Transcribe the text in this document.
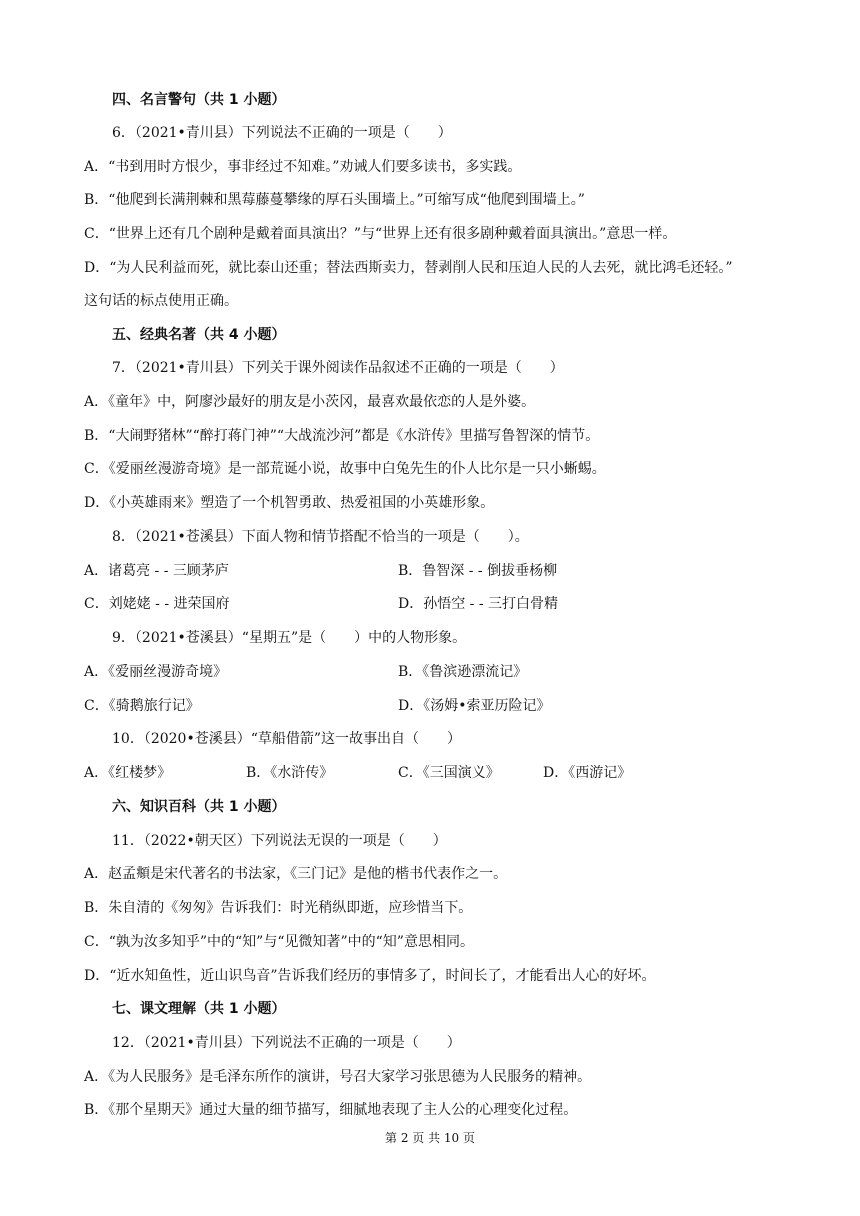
四、名言警句（共 1 小题）
6．（2021•青川县）下列说法不正确的一项是（　　）
A．“书到用时方恨少，事非经过不知难。”劝诫人们要多读书，多实践。
B．“他爬到长满荆棘和黑莓藤蔓攀缘的厚石头围墙上。”可缩写成“他爬到围墙上。”
C．“世界上还有几个剧种是戴着面具演出？”与“世界上还有很多剧种戴着面具演出。”意思一样。
D．“为人民利益而死，就比泰山还重；替法西斯卖力，替剥削人民和压迫人民的人去死，就比鸿毛还轻。”
这句话的标点使用正确。
五、经典名著（共 4 小题）
7．（2021•青川县）下列关于课外阅读作品叙述不正确的一项是（　　）
A．《童年》中，阿廖沙最好的朋友是小茨冈，最喜欢最依恋的人是外婆。
B．“大闹野猪林”“醉打蒋门神”“大战流沙河”都是《水浒传》里描写鲁智深的情节。
C．《爱丽丝漫游奇境》是一部荒诞小说，故事中白兔先生的仆人比尔是一只小蜥蜴。
D．《小英雄雨来》塑造了一个机智勇敢、热爱祖国的小英雄形象。
8．（2021•苍溪县）下面人物和情节搭配不恰当的一项是（　　）。
A．诸葛亮 - - 三顾茅庐	B．鲁智深 - - 倒拔垂杨柳
C．刘姥姥 - - 进荣国府	D．孙悟空 - - 三打白骨精
9．（2021•苍溪县）“星期五”是（　　）中的人物形象。
A．《爱丽丝漫游奇境》	B．《鲁滨逊漂流记》
C．《骑鹅旅行记》	D．《汤姆•索亚历险记》
10．（2020•苍溪县）“草船借箭”这一故事出自（　　）
A．《红楼梦》	B．《水浒传》	C．《三国演义》	D．《西游记》
六、知识百科（共 1 小题）
11．（2022•朝天区）下列说法无误的一项是（　　）
A．赵孟頫是宋代著名的书法家，《三门记》是他的楷书代表作之一。
B．朱自清的《匆匆》告诉我们：时光稍纵即逝，应珍惜当下。
C．“孰为汝多知乎”中的“知”与“见微知著”中的“知”意思相同。
D．“近水知鱼性，近山识鸟音”告诉我们经历的事情多了，时间长了，才能看出人心的好坏。
七、课文理解（共 1 小题）
12．（2021•青川县）下列说法不正确的一项是（　　）
A．《为人民服务》是毛泽东所作的演讲，号召大家学习张思德为人民服务的精神。
B．《那个星期天》通过大量的细节描写，细腻地表现了主人公的心理变化过程。
第 2 页 共 10 页
